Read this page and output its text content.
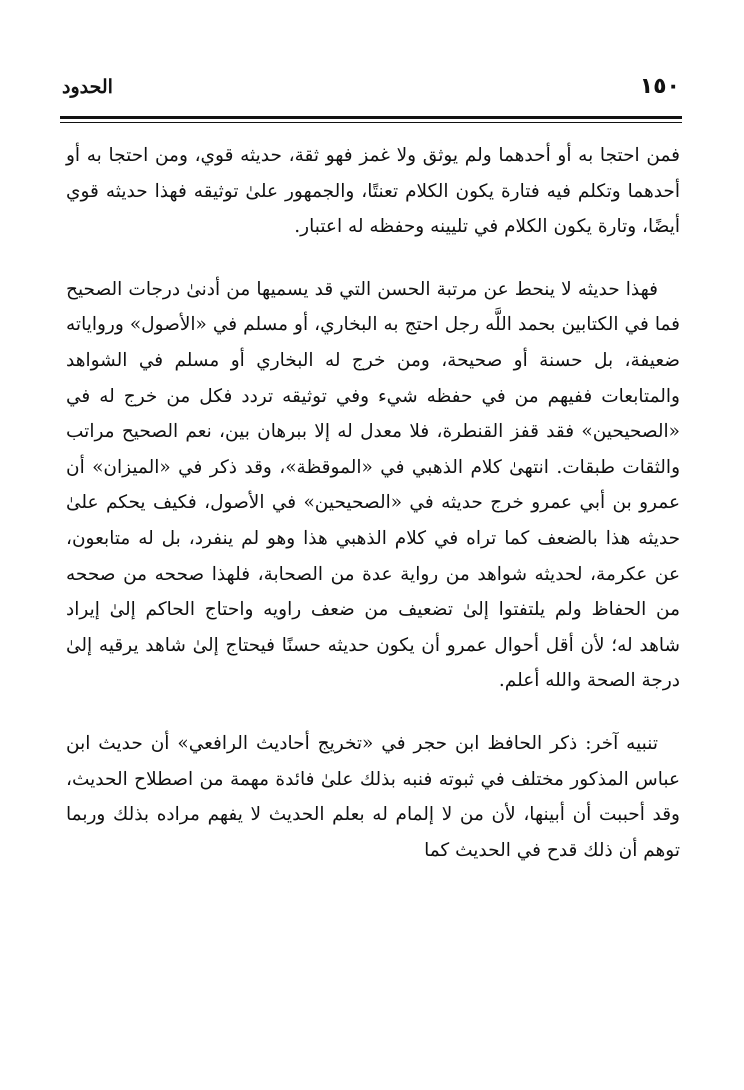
١٥٠
الحدود

فمن احتجا به أو أحدهما ولم يوثق ولا غمز فهو ثقة، حديثه قوي، ومن احتجا به أو أحدهما وتكلم فيه فتارة يكون الكلام تعنتًا، والجمهور علىٰ توثيقه فهذا حديثه قوي أيضًا، وتارة يكون الكلام في تليينه وحفظه له اعتبار.

فهذا حديثه لا ينحط عن مرتبة الحسن التي قد يسميها من أدنىٰ درجات الصحيح فما في الكتابين بحمد اللَّه رجل احتج به البخاري، أو مسلم في «الأصول» ورواياته ضعيفة، بل حسنة أو صحيحة، ومن خرج له البخاري أو مسلم في الشواهد والمتابعات ففيهم من في حفظه شيء وفي توثيقه تردد فكل من خرج له في «الصحيحين» فقد قفز القنطرة، فلا معدل له إلا ببرهان بين، نعم الصحيح مراتب والثقات طبقات. انتهىٰ كلام الذهبي في «الموقظة»، وقد ذكر في «الميزان» أن عمرو بن أبي عمرو خرج حديثه في «الصحيحين» في الأصول، فكيف يحكم علىٰ حديثه هذا بالضعف كما تراه في كلام الذهبي هذا وهو لم ينفرد، بل له متابعون، عن عكرمة، لحديثه شواهد من رواية عدة من الصحابة، فلهذا صححه من صححه من الحفاظ ولم يلتفتوا إلىٰ تضعيف من ضعف راويه واحتاج الحاكم إلىٰ إيراد شاهد له؛ لأن أقل أحوال عمرو أن يكون حديثه حسنًا فيحتاج إلىٰ شاهد يرقيه إلىٰ درجة الصحة والله أعلم.

تنبيه آخر: ذكر الحافظ ابن حجر في «تخريج أحاديث الرافعي» أن حديث ابن عباس المذكور مختلف في ثبوته فنبه بذلك علىٰ فائدة مهمة من اصطلاح الحديث، وقد أحببت أن أبينها، لأن من لا إلمام له بعلم الحديث لا يفهم مراده بذلك وربما توهم أن ذلك قدح في الحديث كما
